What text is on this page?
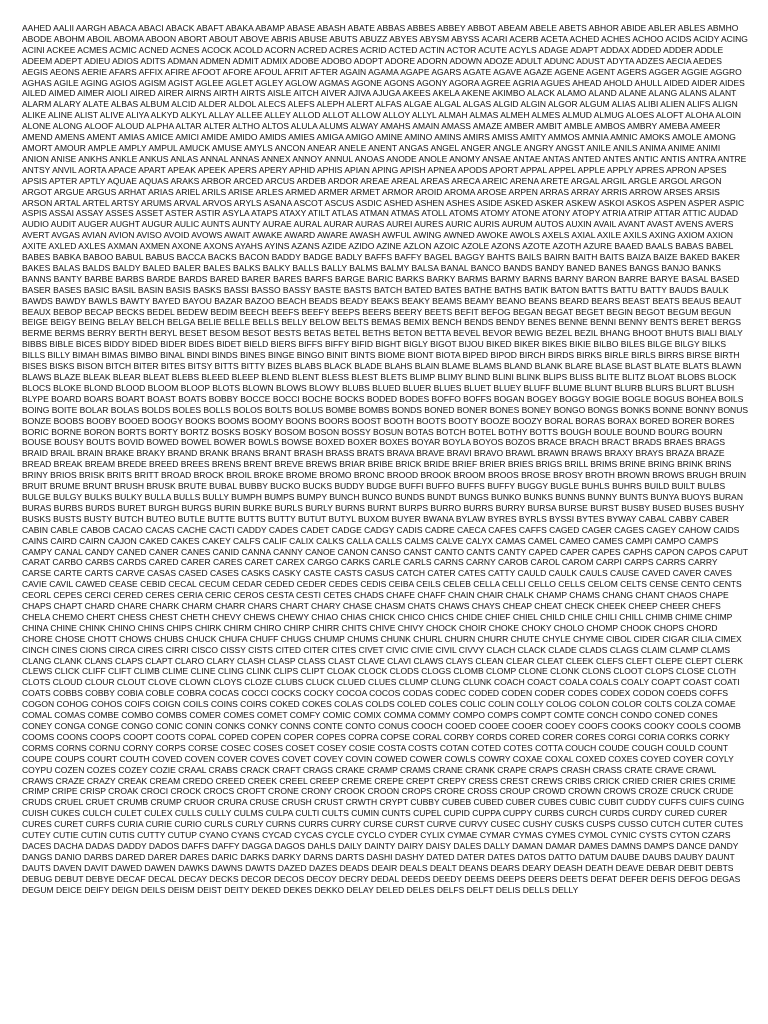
AAHED AALII AARGH ABACA ABACI ABACK ABAFT ABAKA ABAMP ABASE ABASH ABATE ABBAS ABBES ABBEY ABBOT ABEAM ABELE ABETS ABHOR ABIDE ABLER ABLES ABMHO ABODE ABOHM ABOIL ABOMA ABOON ABORT ABOUT ABOVE ABRIS ABUSE ABUTS ABUZZ ABYES ABYSM ABYSS ACARI ACERB ACETA ACHED ACHES ACHOO ACIDS ACIDY ACING ACINI ACKEE ACMES ACMIC ACNED ACNES ACOCK ACOLD ACORN ACRED ACRES ACRID ACTED ACTIN ACTOR ACUTE ACYLS ADAGE ADAPT ADDAX ADDED ADDER ADDLE ADEEM ADEPT ADIEU ADIOS ADITS ADMAN ADMEN ADMIT ADMIX ADOBE ADOBO ADOPT ADORE ADORN ADOWN ADOZE ADULT ADUNC ADUST ADYTA ADZES AECIA AEDES AEGIS AEONS AERIE AFARS AFFIX AFIRE AFOOT AFORE AFOUL AFRIT AFTER AGAIN AGAMA AGAPE AGARS AGATE AGAVE AGAZE AGENE AGENT AGERS AGGER AGGIE AGGRO AGHAS AGILE AGING AGIOS AGISM AGIST AGLEE AGLET AGLEY AGLOW AGMAS AGONE AGONS AGONY AGORA AGREE AGRIA AGUES AHEAD AHOLD AHULL AIDED AIDER AIDES AILED AIMED AIMER AIOLI AIRED AIRER AIRNS AIRTH AIRTS AISLE AITCH AIVER AJIVA AJUGA AKEES AKELA AKENE AKIMBO ALACK ALAMO ALAND ALANE ALANG ALANS ALANT ALARM ALARY ALATE ALBAS ALBUM ALCID ALDER ALDOL ALECS ALEFS ALEPH ALERT ALFAS ALGAE ALGAL ALGAS ALGID ALGIN ALGOR ALGUM ALIAS ALIBI ALIEN ALIFS ALIGN ALIKE ALINE ALIST ALIVE ALIYA ALKYD ALKYL ALLAY ALLEE ALLEY ALLOD ALLOT ALLOW ALLOY ALLYL ALMAH ALMAS ALMEH ALMES ALMUD ALMUG ALOES ALOFT ALOHA ALOIN ALONE ALONG ALOOF ALOUD ALPHA ALTAR ALTER ALTHO ALTOS ALULA ALUMS ALWAY AMAHS AMAIN AMASS AMAZE AMBER AMBIT AMBLE AMBOS AMBRY AMEBA AMEER AMEND AMENS AMENT AMIAS AMICE AMICI AMIDE AMIDO AMIDS AMIES AMIGA AMIGO AMINE AMINO AMINS AMIRS AMISS AMITY AMMOS AMNIA AMNIC AMOKS AMOLE AMONG AMORT AMOUR AMPLE AMPLY AMPUL AMUCK AMUSE AMYLS ANCON ANEAR ANELE ANENT ANGAS ANGEL ANGER ANGLE ANGRY ANGST ANILE ANILS ANIMA ANIME ANIMI ANION ANISE ANKHS ANKLE ANKUS ANLAS ANNAL ANNAS ANNEX ANNOY ANNUL ANOAS ANODE ANOLE ANOMY ANSAE ANTAE ANTAS ANTED ANTES ANTIC ANTIS ANTRA ANTRE ANTSY ANVIL AORTA APACE APART APEAK APEEK APERS APERY APHID APHIS APIAN APING APISH APNEA APODS APORT APPAL APPEL APPLE APPLY APRES APRON APSES APSIS APTER APTLY AQUAE AQUAS ARAKS ARBOR ARCED ARCUS ARDEB ARDOR AREAE AREAL AREAS ARECA AREIC ARENA ARETE ARGAL ARGIL ARGLE ARGOL ARGON ARGOT ARGUE ARGUS ARHAT ARIAS ARIEL ARILS ARISE ARLES ARMED ARMER ARMET ARMOR AROID AROMA AROSE ARPEN ARRAS ARRAY ARRIS ARROW ARSES ARSIS ARSON ARTAL ARTEL ARTSY ARUMS ARVAL ARVOS ARYLS ASANA ASCOT ASCUS ASDIC ASHED ASHEN ASHES ASIDE ASKED ASKER ASKEW ASKOI ASKOS ASPEN ASPER ASPIC ASPIS ASSAI ASSAY ASSES ASSET ASTER ASTIR ASYLA ATAPS ATAXY ATILT ATLAS ATMAN ATMAS ATOLL ATOMS ATOMY ATONE ATONY ATOPY ATRIA ATRIP ATTAR ATTIC AUDAD AUDIO AUDIT AUGER AUGHT AUGUR AULIC AUNTS AUNTY AURAE AURAL AURAR AURAS AUREI AURES AURIC AURIS AURUM AUTOS AUXIN AVAIL AVANT AVAST AVENS AVERS AVERT AVGAS AVIAN AVION AVISO AVOID AVOWS AWAIT AWAKE AWARD AWARE AWASH AWFUL AWING AWNED AWOKE AWOLS AXELS AXIAL AXILE AXILS AXING AXIOM AXION AXITE AXLED AXLES AXMAN AXMEN AXONE AXONS AYAHS AYINS AZANS AZIDE AZIDO AZINE AZLON AZOIC AZOLE AZONS AZOTE AZOTH AZURE BAAED BAALS BABAS BABEL BABES BABKA BABOO BABUL BABUS BACCA BACKS BACON BADDY BADGE BADLY BAFFS BAFFY BAGEL BAGGY BAHTS BAILS BAIRN BAITH BAITS BAIZA BAIZE BAKED BAKER BAKES BALAS BALDS BALDY BALED BALER BALES BALKS BALKY BALLS BALLY BALMS BALMY BALSA BANAL BANCO BANDS BANDY BANED BANES BANGS BANJO BANKS BANNS BANTY BARBE BARBS BARDE BARDS BARED BARER BARES BARFS BARGE BARIC BARKS BARKY BARMS BARMY BARNS BARNY BARON BARRE BARYE BASAL BASED BASER BASES BASIC BASIL BASIN BASIS BASKS BASSI BASSO BASSY BASTE BASTS BATCH BATED BATES BATHE BATHS BATIK BATON BATTS BATTU BATTY BAUDS BAULK BAWDS BAWDY BAWLS BAWTY BAYED BAYOU BAZAR BAZOO BEACH BEADS BEADY BEAKS BEAKY BEAMS BEAMY BEANO BEANS BEARD BEARS BEAST BEATS BEAUS BEAUT BEAUX BEBOP BECAP BECKS BEDEL BEDEW BEDIM BEECH BEEFS BEEFY BEEPS BEERS BEERY BEETS BEFIT BEFOG BEGAN BEGAT BEGET BEGIN BEGOT BEGUM BEGUN BEIGE BEIGY BEING BELAY BELCH BELGA BELIE BELLE BELLS BELLY BELOW BELTS BEMAS BEMIX BENCH BENDS BENDY BENES BENNE BENNI BENNY BENTS BERET BERGS BERME BERMS BERRY BERTH BERYL BESET BESOM BESOT BESTS BETAS BETEL BETHS BETON BETTA BEVEL BEVOR BEWIG BEZEL BEZIL BHANG BHOOT BHUTS BIALI BIALY BIBBS BIBLE BICES BIDDY BIDED BIDER BIDES BIDET BIELD BIERS BIFFS BIFFY BIFID BIGHT BIGLY BIGOT BIJOU BIKED BIKER BIKES BIKIE BILBO BILES BILGE BILGY BILKS BILLS BILLY BIMAH BIMAS BIMBO BINAL BINDI BINDS BINES BINGE BINGO BINIT BINTS BIOME BIONT BIOTA BIPED BIPOD BIRCH BIRDS BIRKS BIRLE BIRLS BIRRS BIRSE BIRTH BISES BISKS BISON BITCH BITER BITES BITSY BITTS BITTY BIZES BLABS BLACK BLADE BLAHS BLAIN BLAME BLAMS BLAND BLANK BLARE BLASE BLAST BLATE BLATS BLAWN BLAWS BLAZE BLEAK BLEAR BLEAT BLEBS BLEED BLEEP BLEND BLENT BLESS BLEST BLETS BLIMP BLIMY BLIND BLINI BLINK BLIPS BLISS BLITE BLITZ BLOAT BLOBS BLOCK BLOCS BLOKE BLOND BLOOD BLOOM BLOOP BLOTS BLOWN BLOWS BLOWY BLUBS BLUED BLUER BLUES BLUET BLUEY BLUFF BLUME BLUNT BLURB BLURS BLURT BLUSH BLYPE BOARD BOARS BOART BOAST BOATS BOBBY BOCCE BOCCI BOCHE BOCKS BODED BODES BOFFO BOFFS BOGAN BOGEY BOGGY BOGIE BOGLE BOGUS BOHEA BOILS BOING BOITE BOLAR BOLAS BOLDS BOLES BOLLS BOLOS BOLTS BOLUS BOMBE BOMBS BONDS BONED BONER BONES BONEY BONGO BONGS BONKS BONNE BONNY BONUS BONZE BOOBS BOOBY BOOED BOOGY BOOKS BOOMS BOOMY BOONS BOORS BOOST BOOTH BOOTS BOOTY BOOZE BOOZY BORAL BORAS BORAX BORED BORER BORES BORIC BORNE BORON BORTS BORTY BORTZ BOSKS BOSKY BOSOM BOSON BOSSY BOSUN BOTAS BOTCH BOTEL BOTHY BOTTS BOUGH BOULE BOUND BOURG BOURN BOUSE BOUSY BOUTS BOVID BOWED BOWEL BOWER BOWLS BOWSE BOXED BOXER BOXES BOYAR BOYLA BOYOS BOZOS BRACE BRACH BRACT BRADS BRAES BRAGS BRAID BRAIL BRAIN BRAKE BRAKY BRAND BRANK BRANS BRANT BRASH BRASS BRATS BRAVA BRAVE BRAVI BRAVO BRAWL BRAWN BRAWS BRAXY BRAYS BRAZA BRAZE BREAD BREAK BREAM BREDE BREED BREES BRENS BRENT BREVE BREWS BRIAR BRIBE BRICK BRIDE BRIEF BRIER BRIES BRIGS BRILL BRIMS BRINE BRING BRINK BRINS BRINY BRIOS BRISK BRITS BRITT BROAD BROCK BROIL BROKE BROME BROMO BRONC BROOD BROOK BROOM BROOS BROSE BROSY BROTH BROWN BROWS BRUGH BRUIN BRUIT BRUME BRUNT BRUSH BRUSK BRUTE BUBAL BUBBY BUCKO BUCKS BUDDY BUDGE BUFFI BUFFO BUFFS BUFFY BUGGY BUGLE BUHLS BUHRS BUILD BUILT BULBS BULGE BULGY BULKS BULKY BULLA BULLS BULLY BUMPH BUMPS BUMPY BUNCH BUNCO BUNDS BUNDT BUNGS BUNKO BUNKS BUNNS BUNNY BUNTS BUNYA BUOYS BURAN BURAS BURBS BURDS BURET BURGH BURGS BURIN BURKE BURLS BURLY BURNS BURNT BURPS BURRO BURRS BURRY BURSA BURSE BURST BUSBY BUSED BUSES BUSHY BUSKS BUSTS BUSTY BUTCH BUTEO BUTLE BUTTE BUTTS BUTTY BUTUT BUTYL BUXOM BUYER BWANA BYLAW BYRES BYRLS BYSSI BYTES BYWAY CABAL CABBY CABER CABIN CABLE CABOB CACAO CACAS CACHE CACTI CADDY CADES CADET CADGE CADGY CADIS CADRE CAECA CAFES CAFFS CAGED CAGER CAGES CAGEY CAHOW CAIDS CAINS CAIRD CAIRN CAJON CAKED CAKES CAKEY CALFS CALIF CALIX CALKS CALLA CALLS CALMS CALVE CALYX CAMAS CAMEL CAMEO CAMES CAMPI CAMPO CAMPS CAMPY CANAL CANDY CANED CANER CANES CANID CANNA CANNY CANOE CANON CANSO CANST CANTO CANTS CANTY CAPED CAPER CAPES CAPHS CAPON CAPOS CAPUT CARAT CARBO CARBS CARDS CARED CARER CARES CARET CAREX CARGO CARKS CARLE CARLS CARNS CARNY CAROB CAROL CAROM CARPI CARPS CARRS CARRY CARSE CARTE CARTS CARVE CASAS CASED CASES CASKS CASKY CASTE CASTS CASUS CATCH CATER CATES CATTY CAULD CAULK CAULS CAUSE CAVED CAVER CAVES CAVIE CAVIL CAWED CEASE CEBID CECAL CECUM CEDAR CEDED CEDER CEDES CEDIS CEIBA CEILS CELEB CELLA CELLI CELLO CELLS CELOM CELTS CENSE CENTO CENTS CEORL CEPES CERCI CERED CERES CERIA CERIC CEROS CESTA CESTI CETES CHADS CHAFE CHAFF CHAIN CHAIR CHALK CHAMP CHAMS CHANG CHANT CHAOS CHAPE CHAPS CHAPT CHARD CHARE CHARK CHARM CHARR CHARS CHART CHARY CHASE CHASM CHATS CHAWS CHAYS CHEAP CHEAT CHECK CHEEK CHEEP CHEER CHEFS CHELA CHEMO CHERT CHESS CHEST CHETH CHEVY CHEWS CHEWY CHIAO CHIAS CHICK CHICO CHICS CHIDE CHIEF CHIEL CHILD CHILE CHILI CHILL CHIMB CHIME CHIMP CHINA CHINE CHINK CHINO CHINS CHIPS CHIRK CHIRM CHIRO CHIRP CHIRR CHITS CHIVE CHIVY CHOCK CHOIR CHOKE CHOKY CHOLO CHOMP CHOOK CHOPS CHORD CHORE CHOSE CHOTT CHOWS CHUBS CHUCK CHUFA CHUFF CHUGS CHUMP CHUMS CHUNK CHURL CHURN CHURR CHUTE CHYLE CHYME CIBOL CIDER CIGAR CILIA CIMEX CINCH CINES CIONS CIRCA CIRES CIRRI CISCO CISSY CISTS CITED CITER CITES CIVET CIVIC CIVIE CIVIL CIVVY CLACH CLACK CLADE CLADS CLAGS CLAIM CLAMP CLAMS CLANG CLANK CLANS CLAPS CLAPT CLARO CLARY CLASH CLASP CLASS CLAST CLAVE CLAVI CLAWS CLAYS CLEAN CLEAR CLEAT CLEEK CLEFS CLEFT CLEPE CLEPT CLERK CLEWS CLICK CLIFF CLIFT CLIMB CLIME CLINE CLING CLINK CLIPS CLIPT CLOAK CLOCK CLODS CLOGS CLOMB CLOMP CLONE CLONK CLONS CLOOT CLOPS CLOSE CLOTH CLOTS CLOUD CLOUR CLOUT CLOVE CLOWN CLOYS CLOZE CLUBS CLUCK CLUED CLUES CLUMP CLUNG CLUNK COACH COACT COALA COALS COALY COAPT COAST COATI COATS COBBS COBBY COBIA COBLE COBRA COCAS COCCI COCKS COCKY COCOA COCOS CODAS CODEC CODED CODEN CODER CODES CODEX CODON COEDS COFFS COGON COHOG COHOS COIFS COIGN COILS COINS COIRS COKED COKES COLAS COLDS COLED COLES COLIC COLIN COLLY COLOG COLON COLOR COLTS COLZA COMAE COMAL COMAS COMBE COMBO COMBS COMER COMES COMET COMFY COMIC COMIX COMMA COMMY COMPO COMPS COMPT COMTE CONCH CONDO CONED CONES CONEY CONGA CONGE CONGO CONIC CONIN CONKS CONKY CONNS CONTE CONTO CONUS COOCH COOED COOEE COOER COOEY COOFS COOKS COOKY COOLS COOMB COOMS COONS COOPS COOPT COOTS COPAL COPED COPEN COPER COPES COPRA COPSE CORAL CORBY CORDS CORED CORER CORES CORGI CORIA CORKS CORKY CORMS CORNS CORNU CORNY CORPS CORSE COSEC COSES COSET COSEY COSIE COSTA COSTS COTAN COTED COTES COTTA COUCH COUDE COUGH COULD COUNT COUPE COUPS COURT COUTH COVED COVEN COVER COVES COVET COVEY COVIN COWED COWER COWLS COWRY COXAE COXAL COXED COXES COYED COYER COYLY COYPU COZEN COZES COZEY COZIE CRAAL CRABS CRACK CRAFT CRAGS CRAKE CRAMP CRAMS CRANE CRANK CRAPE CRAPS CRASH CRASS CRATE CRAVE CRAWL CRAWS CRAZE CRAZY CREAK CREAM CREDO CREED CREEK CREEL CREEP CREME CREPE CREPT CREPY CRESS CREST CREWS CRIBS CRICK CRIED CRIER CRIES CRIME CRIMP CRIPE CRISP CROAK CROCI CROCK CROCS CROFT CRONE CRONY CROOK CROON CROPS CRORE CROSS CROUP CROWD CROWN CROWS CROZE CRUCK CRUDE CRUDS CRUEL CRUET CRUMB CRUMP CRUOR CRURA CRUSE CRUSH CRUST CRWTH CRYPT CUBBY CUBEB CUBED CUBER CUBES CUBIC CUBIT CUDDY CUFFS CUIFS CUING CUISH CUKES CULCH CULET CULEX CULLS CULLY CULMS CULPA CULTI CULTS CUMIN CUNTS CUPEL CUPID CUPPA CUPPY CURBS CURCH CURDS CURDY CURED CURER CURES CURET CURFS CURIA CURIE CURIO CURLS CURLY CURNS CURRS CURRY CURSE CURST CURVE CURVY CUSEC CUSHY CUSKS CUSPS CUSSO CUTCH CUTER CUTES CUTEY CUTIE CUTIN CUTIS CUTTY CUTUP CYANO CYANS CYCAD CYCAS CYCLE CYCLO CYDER CYLIX CYMAE CYMAR CYMAS CYMES CYMOL CYNIC CYSTS CYTON CZARS DACES DACHA DADAS DADDY DADOS DAFFS DAFFY DAGGA DAGOS DAHLS DAILY DAINTY DAIRY DAISY DALES DALLY DAMAN DAMAR DAMES DAMNS DAMPS DANCE DANDY DANGS DANIO DARBS DARED DARER DARES DARIC DARKS DARKY DARNS DARTS DASHI DASHY DATED DATER DATES DATOS DATTO DATUM DAUBE DAUBS DAUBY DAUNT DAUTS DAVEN DAVIT DAWED DAWEN DAWKS DAWNS DAWTS DAZED DAZES DEADS DEAIR DEALS DEALT DEANS DEARS DEARY DEASH DEATH DEAVE DEBAR DEBIT DEBTS DEBUG DEBUT DEBYE DECAF DECAL DECAY DECKS DECOR DECOS DECOY DECRY DEDAL DEEDS DEEDY DEEMS DEEPS DEERS DEETS DEFAT DEFER DEFIS DEFOG DEGAS DEGUM DEICE DEIFY DEIGN DEILS DEISM DEIST DEITY DEKED DEKES DEKKO DELAY DELED DELES DELFS DELFT DELIS DELLS DELLY
